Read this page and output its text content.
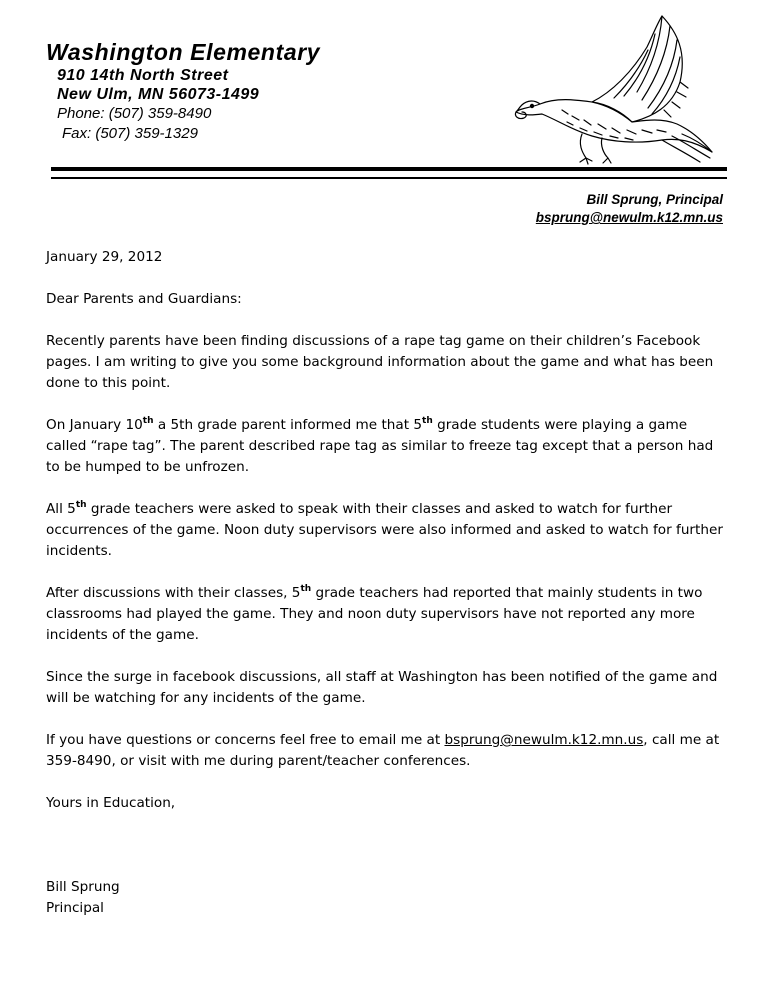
Washington Elementary
910 14th North Street
New Ulm, MN 56073-1499
Phone: (507) 359-8490
Fax: (507) 359-1329
Bill Sprung, Principal
bsprung@newulm.k12.mn.us

January 29, 2012

Dear Parents and Guardians:

Recently parents have been finding discussions of a rape tag game on their children’s Facebook pages. I am writing to give you some background information about the game and what has been done to this point.

On January 10th a 5th grade parent informed me that 5th grade students were playing a game called “rape tag”. The parent described rape tag as similar to freeze tag except that a person had to be humped to be unfrozen.

All 5th grade teachers were asked to speak with their classes and asked to watch for further occurrences of the game. Noon duty supervisors were also informed and asked to watch for further incidents.

After discussions with their classes, 5th grade teachers had reported that mainly students in two classrooms had played the game. They and noon duty supervisors have not reported any more incidents of the game.

Since the surge in facebook discussions, all staff at Washington has been notified of the game and will be watching for any incidents of the game.

If you have questions or concerns feel free to email me at bsprung@newulm.k12.mn.us, call me at 359-8490, or visit with me during parent/teacher conferences.

Yours in Education,

Bill Sprung
Principal
